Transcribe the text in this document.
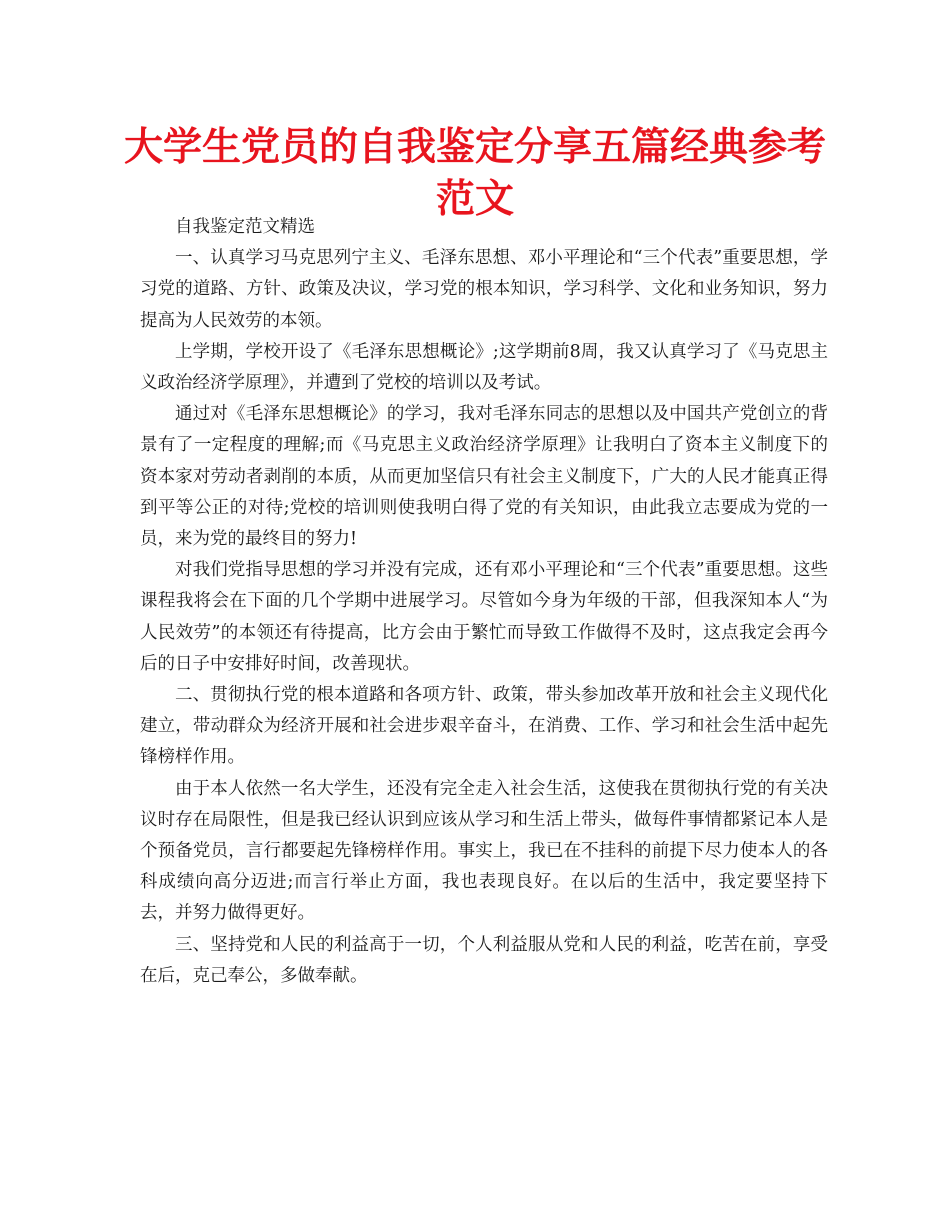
大学生党员的自我鉴定分享五篇经典参考范文

自我鉴定范文精选

一、认真学习马克思列宁主义、毛泽东思想、邓小平理论和“三个代表”重要思想，学习党的道路、方针、政策及决议，学习党的根本知识，学习科学、文化和业务知识，努力提高为人民效劳的本领。

上学期，学校开设了《毛泽东思想概论》;这学期前8周，我又认真学习了《马克思主义政治经济学原理》，并遭到了党校的培训以及考试。

通过对《毛泽东思想概论》的学习，我对毛泽东同志的思想以及中国共产党创立的背景有了一定程度的理解;而《马克思主义政治经济学原理》让我明白了资本主义制度下的资本家对劳动者剥削的本质，从而更加坚信只有社会主义制度下，广大的人民才能真正得到平等公正的对待;党校的培训则使我明白得了党的有关知识，由此我立志要成为党的一员，来为党的最终目的努力!

对我们党指导思想的学习并没有完成，还有邓小平理论和“三个代表”重要思想。这些课程我将会在下面的几个学期中进展学习。尽管如今身为年级的干部，但我深知本人“为人民效劳”的本领还有待提高，比方会由于繁忙而导致工作做得不及时，这点我定会再今后的日子中安排好时间，改善现状。

二、贯彻执行党的根本道路和各项方针、政策，带头参加改革开放和社会主义现代化建立，带动群众为经济开展和社会进步艰辛奋斗，在消费、工作、学习和社会生活中起先锋榜样作用。

由于本人依然一名大学生，还没有完全走入社会生活，这使我在贯彻执行党的有关决议时存在局限性，但是我已经认识到应该从学习和生活上带头，做每件事情都紧记本人是个预备党员，言行都要起先锋榜样作用。事实上，我已在不挂科的前提下尽力使本人的各科成绩向高分迈进;而言行举止方面，我也表现良好。在以后的生活中，我定要坚持下去，并努力做得更好。

三、坚持党和人民的利益高于一切，个人利益服从党和人民的利益，吃苦在前，享受在后，克己奉公，多做奉献。
